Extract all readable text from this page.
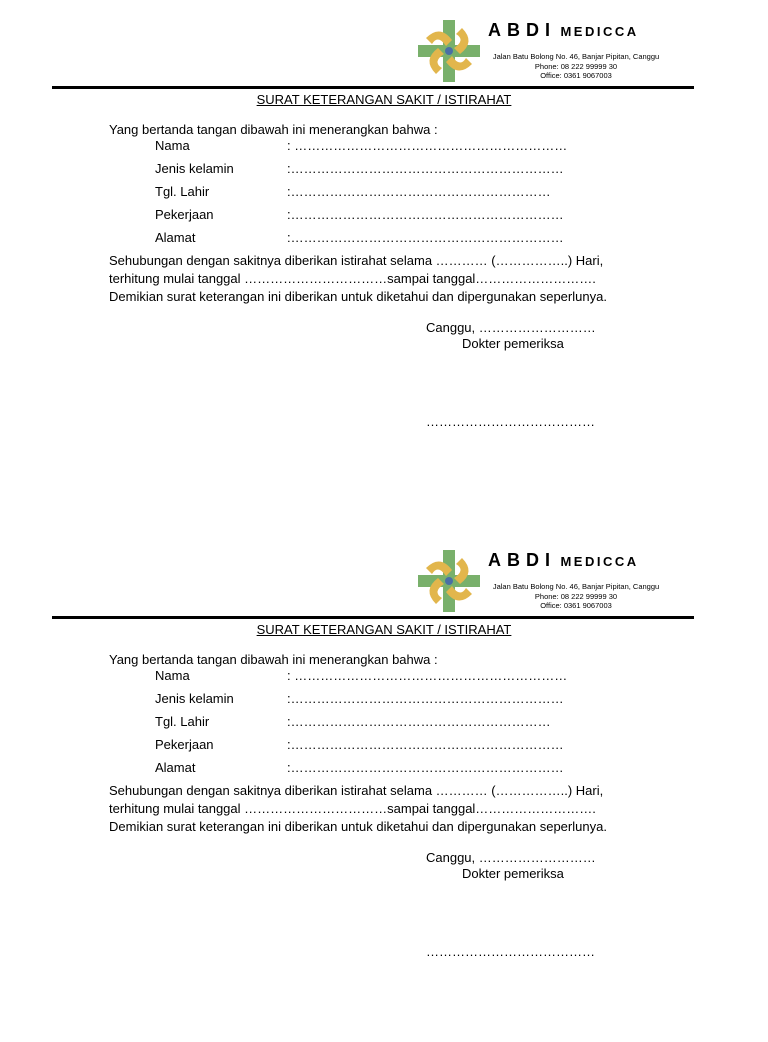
ABDI MEDICCA
Jalan Batu Bolong No. 46, Banjar Pipitan, Canggu
Phone: 08 222 99999 30
Office: 0361 9067003
SURAT KETERANGAN SAKIT / ISTIRAHAT
Yang bertanda tangan dibawah ini menerangkan bahwa :
Nama	: ………………………………………………………
Jenis kelamin	:………………………………………………………
Tgl. Lahir	:……………………………………………………
Pekerjaan	:………………………………………………………
Alamat	:………………………………………………………
Sehubungan dengan sakitnya diberikan istirahat selama ………… (……………..) Hari,
terhitung mulai tanggal ……………………………sampai tanggal……………………….
Demikian surat keterangan ini diberikan untuk diketahui dan dipergunakan seperlunya.
Canggu, ………………………
Dokter pemeriksa
…………………………………
ABDI MEDICCA
Jalan Batu Bolong No. 46, Banjar Pipitan, Canggu
Phone: 08 222 99999 30
Office: 0361 9067003
SURAT KETERANGAN SAKIT / ISTIRAHAT
Yang bertanda tangan dibawah ini menerangkan bahwa :
Nama	: ………………………………………………………
Jenis kelamin	:………………………………………………………
Tgl. Lahir	:……………………………………………………
Pekerjaan	:………………………………………………………
Alamat	:………………………………………………………
Sehubungan dengan sakitnya diberikan istirahat selama ………… (……………..) Hari,
terhitung mulai tanggal ……………………………sampai tanggal……………………….
Demikian surat keterangan ini diberikan untuk diketahui dan dipergunakan seperlunya.
Canggu, ………………………
Dokter pemeriksa
…………………………………
